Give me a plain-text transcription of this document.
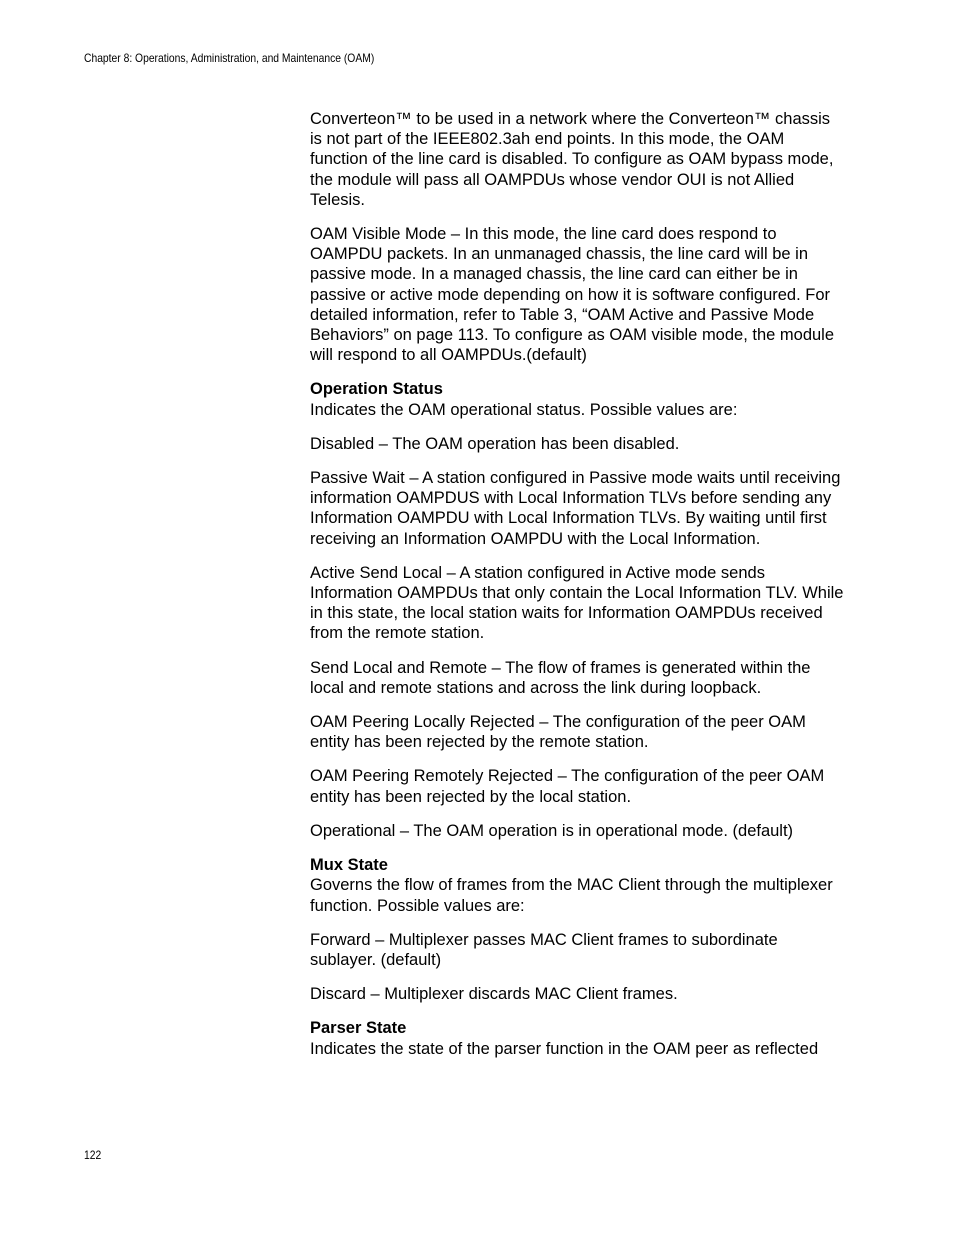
Chapter 8: Operations, Administration, and Maintenance (OAM)

Converteon™ to be used in a network where the Converteon™ chassis is not part of the IEEE802.3ah end points. In this mode, the OAM function of the line card is disabled. To configure as OAM bypass mode, the module will pass all OAMPDUs whose vendor OUI is not Allied Telesis.

OAM Visible Mode – In this mode, the line card does respond to OAMPDU packets. In an unmanaged chassis, the line card will be in passive mode. In a managed chassis, the line card can either be in passive or active mode depending on how it is software configured. For detailed information, refer to Table 3, “OAM Active and Passive Mode Behaviors” on page 113. To configure as OAM visible mode, the module will respond to all OAMPDUs.(default)

Operation Status

Indicates the OAM operational status. Possible values are:

Disabled – The OAM operation has been disabled.

Passive Wait – A station configured in Passive mode waits until receiving information OAMPDUS with Local Information TLVs before sending any Information OAMPDU with Local Information TLVs. By waiting until first receiving an Information OAMPDU with the Local Information.

Active Send Local – A station configured in Active mode sends Information OAMPDUs that only contain the Local Information TLV. While in this state, the local station waits for Information OAMPDUs received from the remote station.

Send Local and Remote – The flow of frames is generated within the local and remote stations and across the link during loopback.

OAM Peering Locally Rejected – The configuration of the peer OAM entity has been rejected by the remote station.

OAM Peering Remotely Rejected – The configuration of the peer OAM entity has been rejected by the local station.

Operational – The OAM operation is in operational mode. (default)

Mux State

Governs the flow of frames from the MAC Client through the multiplexer function. Possible values are:

Forward – Multiplexer passes MAC Client frames to subordinate sublayer. (default)

Discard – Multiplexer discards MAC Client frames.

Parser State

Indicates the state of the parser function in the OAM peer as reflected

122
